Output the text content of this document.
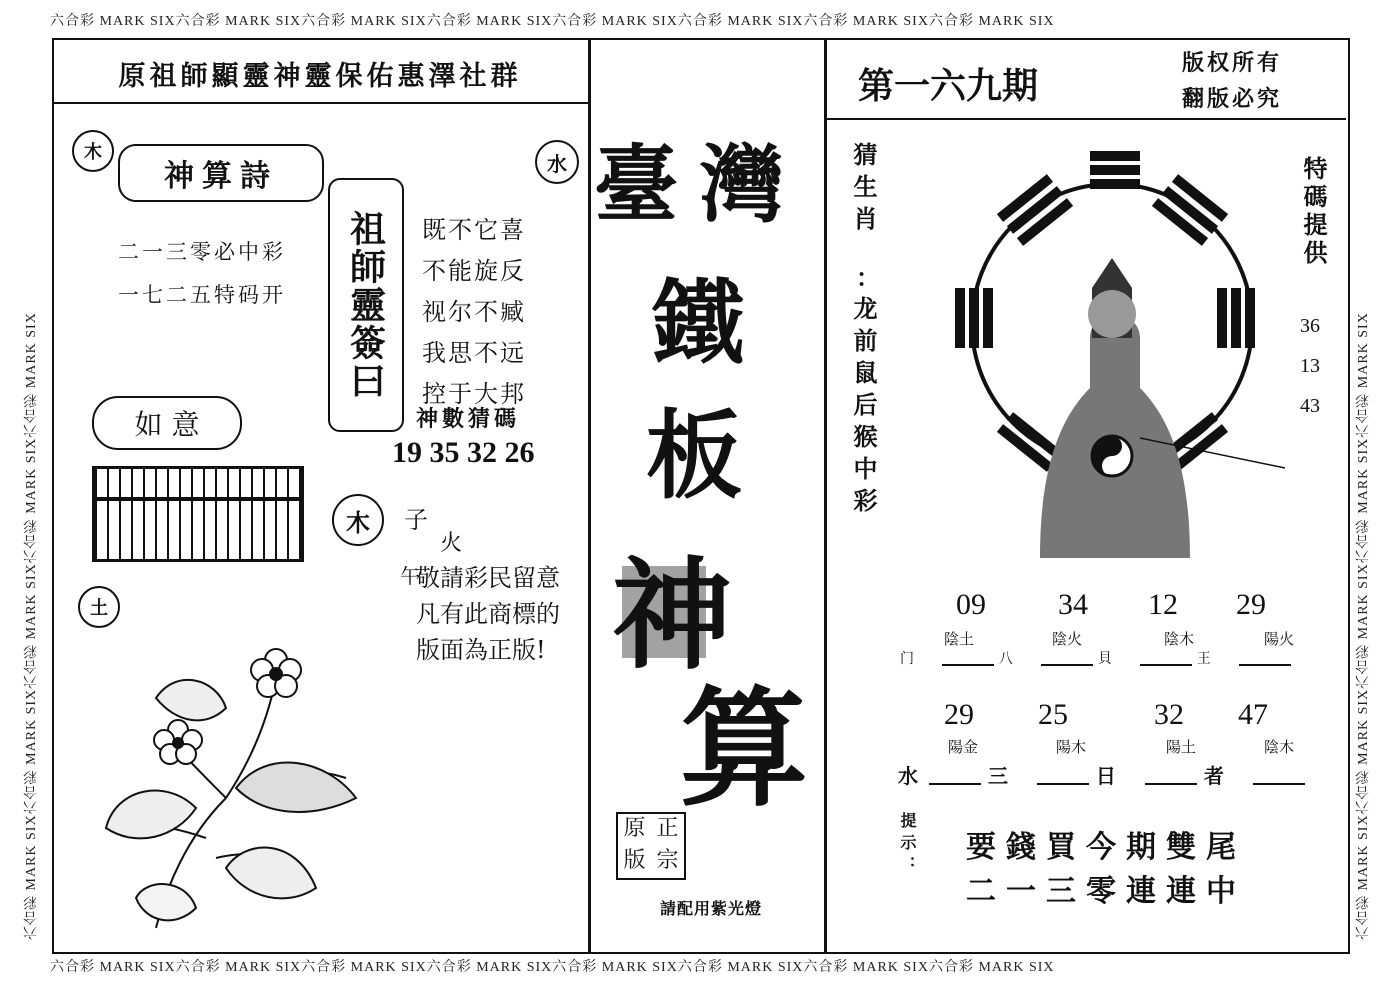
六合彩 MARK SIX六合彩 MARK SIX六合彩 MARK SIX六合彩 MARK SIX六合彩 MARK SIX六合彩 MARK SIX六合彩 MARK SIX六合彩 MARK SIX
六合彩 MARK SIX六合彩 MARK SIX六合彩 MARK SIX六合彩 MARK SIX六合彩 MARK SIX六合彩 MARK SIX六合彩 MARK SIX六合彩 MARK SIX
六合彩 MARK SIX六合彩 MARK SIX六合彩 MARK SIX六合彩 MARK SIX六合彩 MARK SIX	六合彩 MARK SIX六合彩 MARK SIX六合彩 MARK SIX六合彩 MARK SIX六合彩 MARK SIX
原祖師顯靈神靈保佑惠澤社群
木	水
神算詩
二一三零必中彩
一七二五特码开
如 意
祖師靈簽曰 既不它喜
不能旋反
视尔不臧
我思不远
控于大邦
神數猜碼
19 35 32 26
木	子
火
午
敬請彩民留意
凡有此商標的
版面為正版!
土
臺 灣
鐵
板
神
算
原 正
版 宗
請配用紫光燈
第一六九期
版权所有
翻版必究
猜生肖
：
龙前鼠后猴中彩
特碼提供
36
13
43
09 34 12 29
陰土	陰火	陰木	陽火
门	八	貝	王
29 25	32 47
陽金	陽木	陽土	陰木
水	三	日	者
提示： 要錢買今期雙尾
二一三零連連中
